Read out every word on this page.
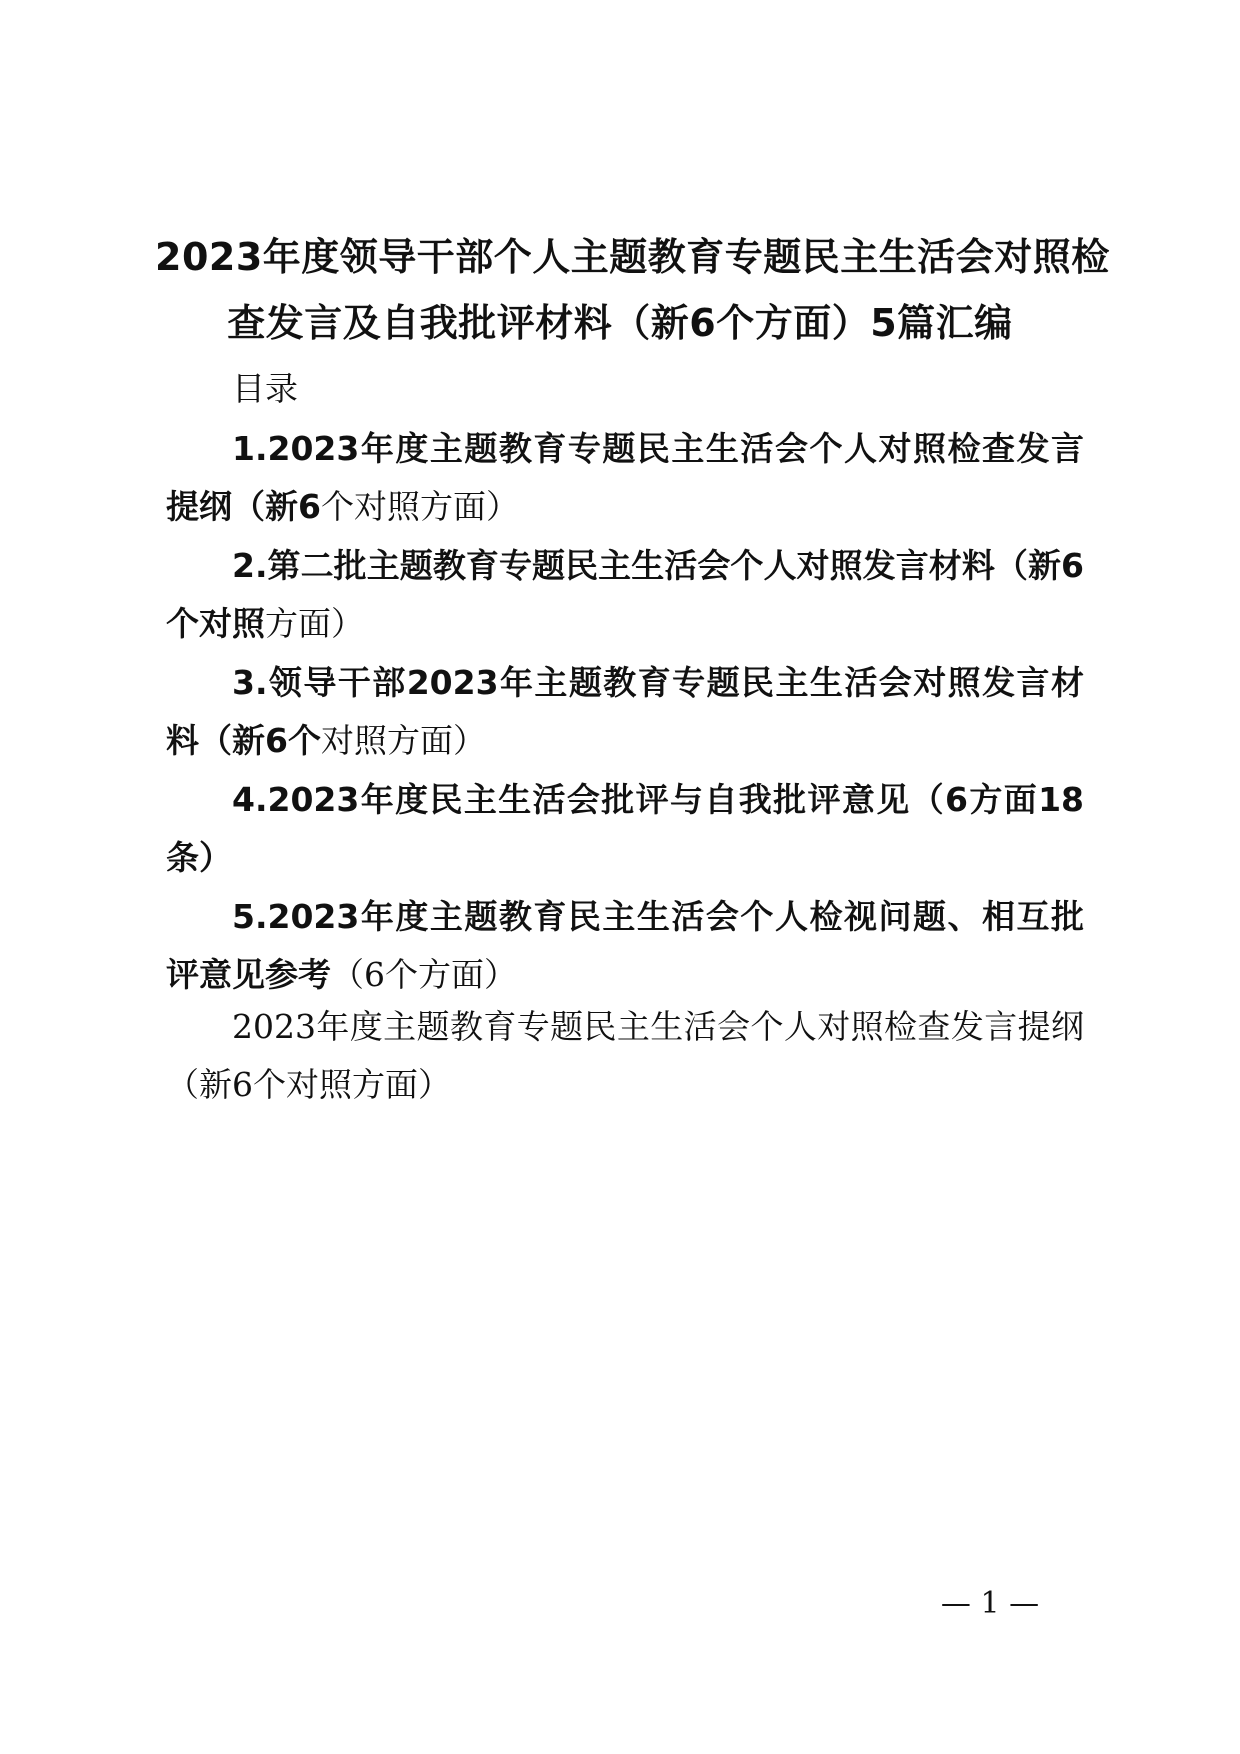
2023年度领导干部个人主题教育专题民主生活会对照检
查发言及自我批评材料（新6个方面）5篇汇编

目录

1.2023年度主题教育专题民主生活会个人对照检查发言提纲（新6个对照方面）
2.第二批主题教育专题民主生活会个人对照发言材料（新6个对照方面）
3.领导干部2023年主题教育专题民主生活会对照发言材料（新6个对照方面）
4.2023年度民主生活会批评与自我批评意见（6方面18条）
5.2023年度主题教育民主生活会个人检视问题、相互批评意见参考（6个方面）

2023年度主题教育专题民主生活会个人对照检查发言提纲（新6个对照方面）

— 1 —
